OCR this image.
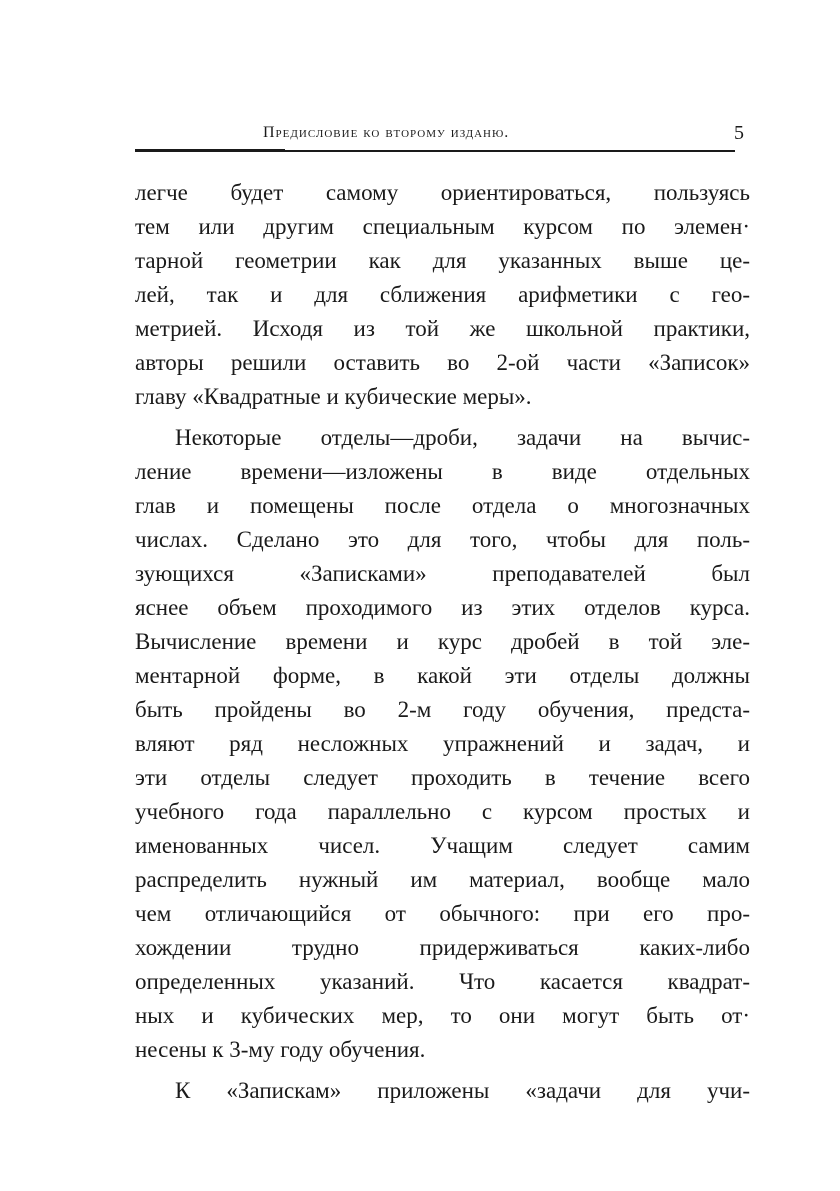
Предисловие ко второму изданю.	5
легче будет самому ориентироваться, пользуясь
тем или другим специальным курсом по элемен·
тарной геометрии как для указанных выше це-
лей, так и для сближения арифметики с гео-
метрией. Исходя из той же школьной практики,
авторы решили оставить во 2-ой части «Записок»
главу «Квадратные и кубические меры».
Некоторые отделы—дроби, задачи на вычис-
ление времени—изложены в виде отдельных
глав и помещены после отдела о многозначных
числах. Сделано это для того, чтобы для поль-
зующихся «Записками» преподавателей был
яснее объем проходимого из этих отделов курса.
Вычисление времени и курс дробей в той эле-
ментарной форме, в какой эти отделы должны
быть пройдены во 2-м году обучения, предста-
вляют ряд несложных упражнений и задач, и
эти отделы следует проходить в течение всего
учебного года параллельно с курсом простых и
именованных чисел. Учащим следует самим
распределить нужный им материал, вообще мало
чем отличающийся от обычного: при его про-
хождении трудно придерживаться каких-либо
определенных указаний. Что касается квадрат-
ных и кубических мер, то они могут быть от·
несены к 3-му году обучения.
К «Запискам» приложены «задачи для учи-
